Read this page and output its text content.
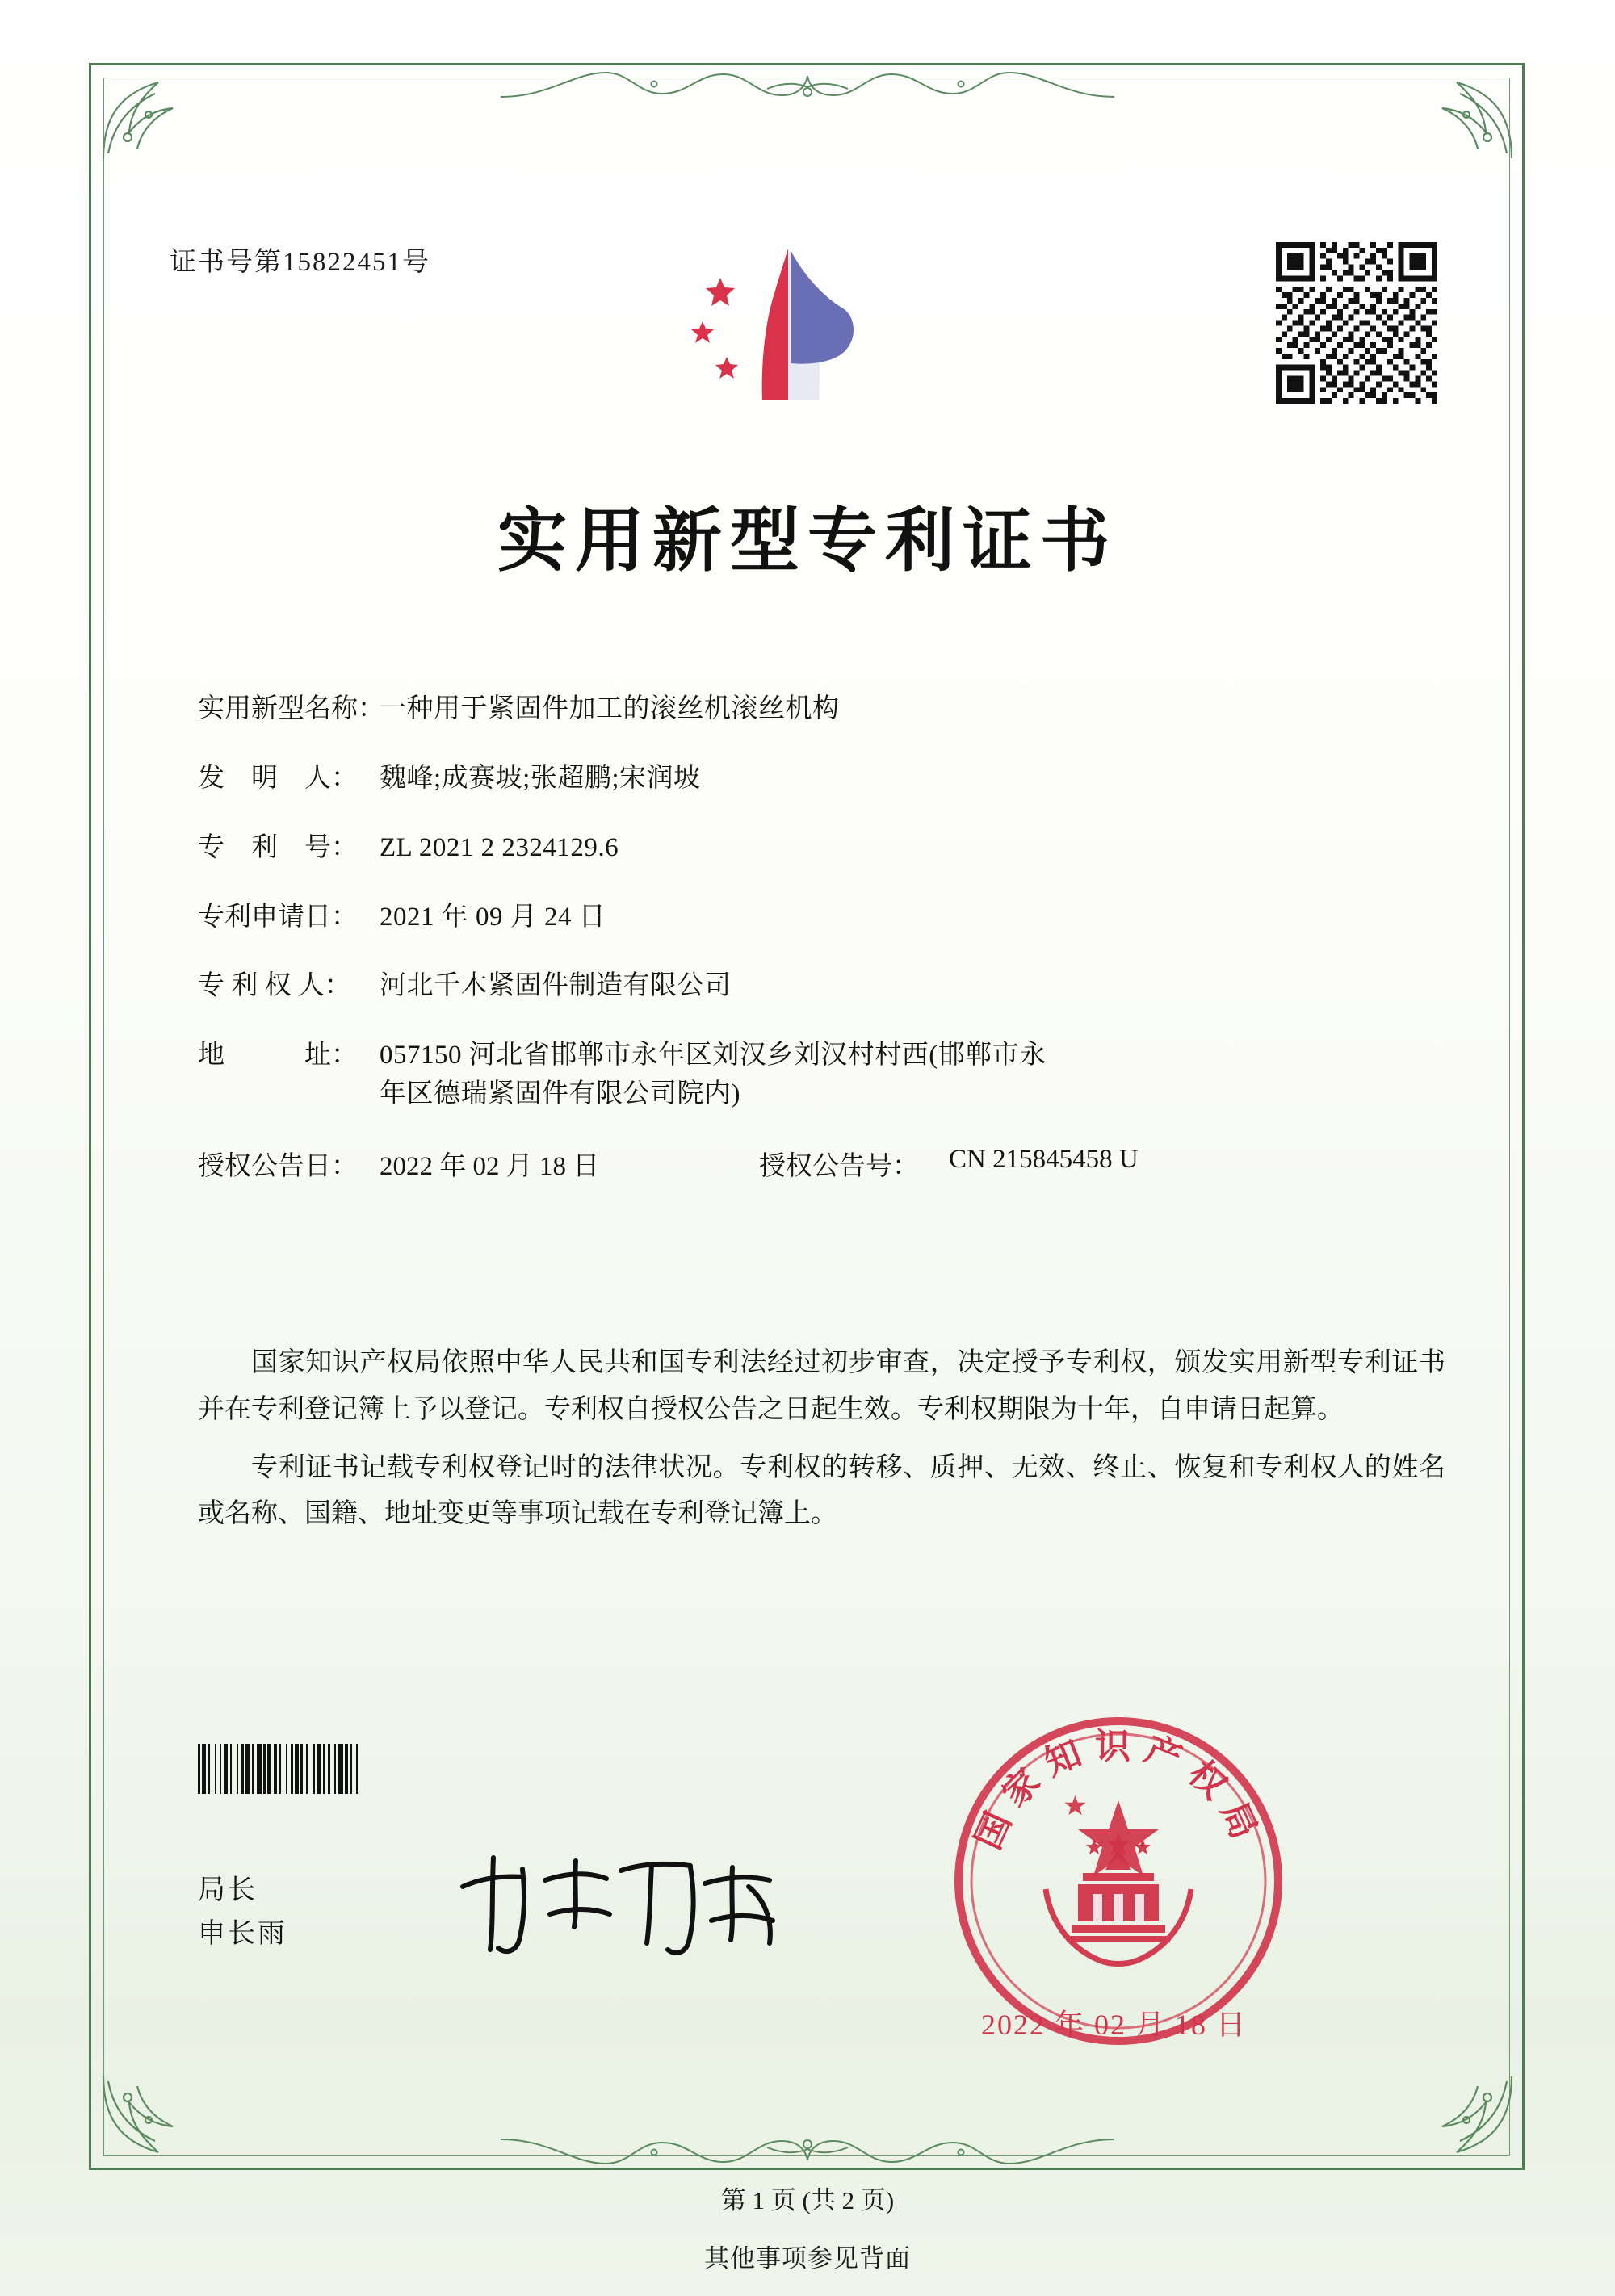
证书号第15822451号
实用新型专利证书
实用新型名称：
一种用于紧固件加工的滚丝机滚丝机构
发　明　人： 魏峰;成赛坡;张超鹏;宋润坡
专　利　号： ZL 2021 2 2324129.6
专利申请日： 2021 年 09 月 24 日
专 利 权 人：	河北千木紧固件制造有限公司
地　　　址： 057150 河北省邯郸市永年区刘汉乡刘汉村村西(邯郸市永
年区德瑞紧固件有限公司院内)
授权公告日： 2022 年 02 月 18 日	授权公告号：	CN 215845458 U

国家知识产权局依照中华人民共和国专利法经过初步审查，决定授予专利权，颁发实用新型专利证书并在专利登记簿上予以登记。专利权自授权公告之日起生效。专利权期限为十年，自申请日起算。

专利证书记载专利权登记时的法律状况。专利权的转移、质押、无效、终止、恢复和专利权人的姓名或名称、国籍、地址变更等事项记载在专利登记簿上。

局长
申长雨
国家知识产权局
2022 年 02 月 18 日
第 1 页 (共 2 页)
其他事项参见背面
